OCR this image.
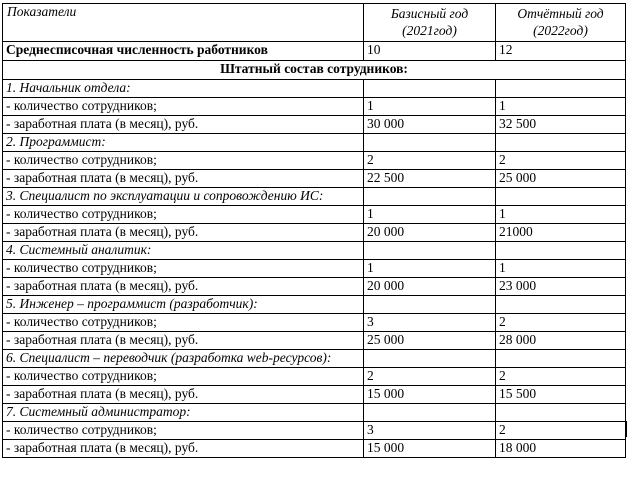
Показатели	Базисный год (2021год)	Отчётный год (2022год)
Среднесписочная численность работников	10	12
Штатный состав сотрудников:		
1. Начальник отдела:		
- количество сотрудников;	1	1
- заработная плата (в месяц), руб.	30 000	32 500
2. Программист:		
- количество сотрудников;	2	2
- заработная плата (в месяц), руб.	22 500	25 000
3. Специалист по эксплуатации и сопровождению ИС:		
- количество сотрудников;	1	1
- заработная плата (в месяц), руб.	20 000	21000
4. Системный аналитик:		
- количество сотрудников;	1	1
- заработная плата (в месяц), руб.	20 000	23 000
5. Инженер – программист (разработчик):		
- количество сотрудников;	3	2
- заработная плата (в месяц), руб.	25 000	28 000
6. Специалист – переводчик (разработка web-ресурсов):		
- количество сотрудников;	2	2
- заработная плата (в месяц), руб.	15 000	15 500
7. Системный администратор:		
- количество сотрудников;	3	2
- заработная плата (в месяц), руб.	15 000	18 000
